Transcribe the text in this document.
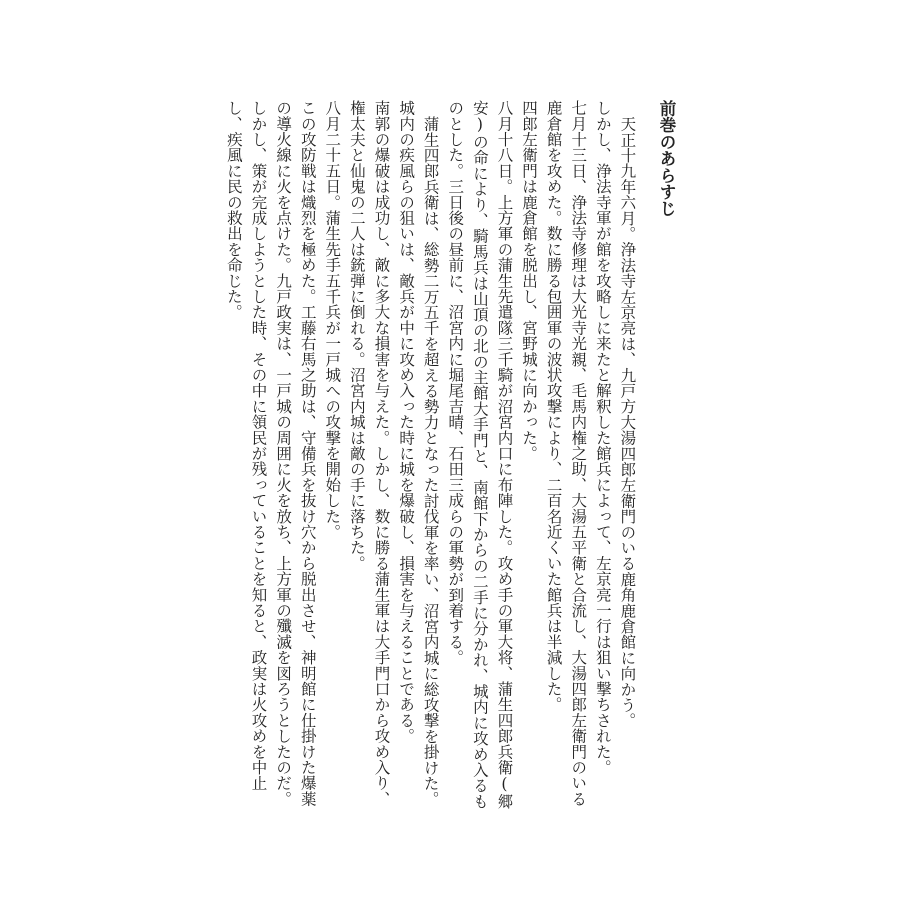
前巻のあらすじ

天正十九年六月。浄法寺左京亮は、九戸方大湯四郎左衛門のいる鹿角鹿倉館に向かう。

しかし、浄法寺軍が館を攻略しに来たと解釈した館兵によって、左京亮一行は狙い撃ちされた。

七月十三日、浄法寺修理は大光寺光親、毛馬内権之助、大湯五平衛と合流し、大湯四郎左衛門のいる鹿倉館を攻めた。数に勝る包囲軍の波状攻撃により、二百名近くいた館兵は半減した。

四郎左衛門は鹿倉館を脱出し、宮野城に向かった。

八月十八日。上方軍の蒲生先遣隊三千騎が沼宮内口に布陣した。攻め手の軍大将、蒲生四郎兵衛(郷安)の命により、騎馬兵は山頂の北の主館大手門と、南館下からの二手に分かれ、城内に攻め入るものとした。三日後の昼前に、沼宮内に堀尾吉晴、石田三成らの軍勢が到着する。

蒲生四郎兵衛は、総勢二万五千を超える勢力となった討伐軍を率い、沼宮内城に総攻撃を掛けた。城内の疾風らの狙いは、敵兵が中に攻め入った時に城を爆破し、損害を与えることである。

南郭の爆破は成功し、敵に多大な損害を与えた。しかし、数に勝る蒲生軍は大手門口から攻め入り、権太夫と仙鬼の二人は銃弾に倒れる。沼宮内城は敵の手に落ちた。

八月二十五日。蒲生先手五千兵が一戸城への攻撃を開始した。

この攻防戦は熾烈を極めた。工藤右馬之助は、守備兵を抜け穴から脱出させ、神明館に仕掛けた爆薬の導火線に火を点けた。九戸政実は、一戸城の周囲に火を放ち、上方軍の殲滅を図ろうとしたのだ。

しかし、策が完成しようとした時、その中に領民が残っていることを知ると、政実は火攻めを中止し、疾風に民の救出を命じた。
